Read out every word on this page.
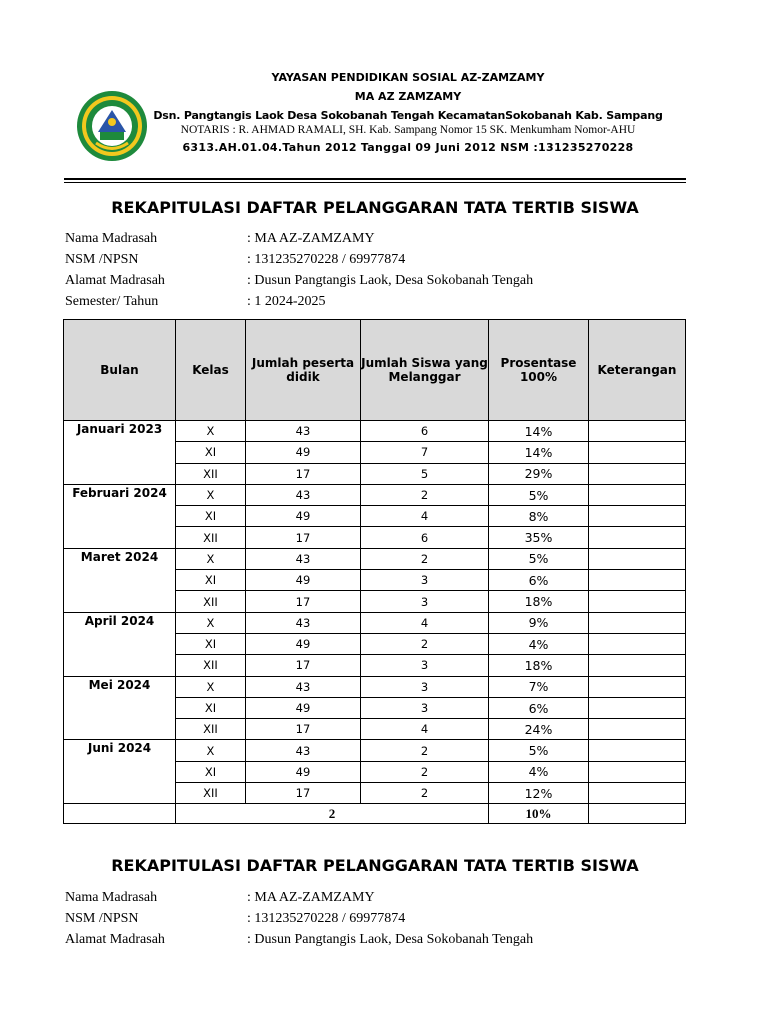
YAYASAN PENDIDIKAN SOSIAL AZ-ZAMZAMY
MA AZ ZAMZAMY
Dsn. Pangtangis Laok Desa Sokobanah Tengah KecamatanSokobanah Kab. Sampang
NOTARIS : R. AHMAD RAMALI, SH. Kab. Sampang Nomor 15 SK. Menkumham Nomor-AHU
6313.AH.01.04.Tahun 2012 Tanggal 09 Juni 2012 NSM :131235270228
REKAPITULASI DAFTAR PELANGGARAN TATA TERTIB SISWA
Nama Madrasah	: MA AZ-ZAMZAMY
NSM /NPSN	: 131235270228 / 69977874
Alamat Madrasah	: Dusun Pangtangis Laok, Desa Sokobanah Tengah
Semester/ Tahun	: 1 2024-2025
Bulan	Kelas	Jumlah peserta didik	Jumlah Siswa yang Melanggar	Prosentase 100%	Keterangan
Januari 2023	X	43	6	14%	
	XI	49	7	14%	
	XII	17	5	29%	
Februari 2024	X	43	2	5%	
	XI	49	4	8%	
	XII	17	6	35%	
Maret 2024	X	43	2	5%	
	XI	49	3	6%	
	XII	17	3	18%	
April 2024	X	43	4	9%	
	XI	49	2	4%	
	XII	17	3	18%	
Mei 2024	X	43	3	7%	
	XI	49	3	6%	
	XII	17	4	24%	
Juni 2024	X	43	2	5%	
	XI	49	2	4%	
	XII	17	2	12%	
	2			10%	
REKAPITULASI DAFTAR PELANGGARAN TATA TERTIB SISWA
Nama Madrasah	: MA AZ-ZAMZAMY
NSM /NPSN	: 131235270228 / 69977874
Alamat Madrasah	: Dusun Pangtangis Laok, Desa Sokobanah Tengah
